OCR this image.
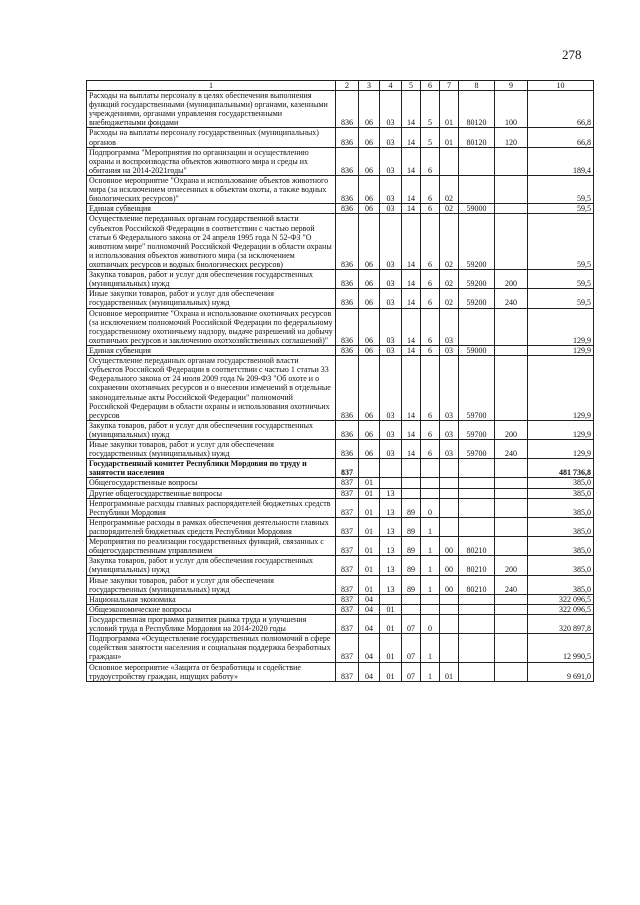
278
1	2	3	4	5	6	7	8	9	10
Расходы на выплаты персоналу в целях обеспечения выполнения функций государственными (муниципальными) органами, казенными учреждениями, органами управления государственными внебюджетными фондами	836	06	03	14	5	01	80120	100	66,8
Расходы на выплаты персоналу государственных (муниципальных) органов	836	06	03	14	5	01	80120	120	66,8
Подпрограмма "Мероприятия по организации и осуществлению охраны и воспроизводства объектов животного мира и среды их обитания на 2014-2021годы"	836	06	03	14	6				189,4
Основное мероприятие "Охрана и использование объектов животного мира (за исключением отнесенных к объектам охоты, а также водных биологических ресурсов)"	836	06	03	14	6	02			59,5
Единая субвенция	836	06	03	14	6	02	59000		59,5
Осуществление переданных органам государственной власти субъектов Российской Федерации в соответствии с частью первой статьи 6 Федерального закона от 24 апреля 1995 года N 52-ФЗ "О животном мире" полномочий Российской Федерации в области охраны и использования объектов животного мира (за исключением охотничьих ресурсов и водных биологических ресурсов)	836	06	03	14	6	02	59200		59,5
Закупка товаров, работ и услуг для обеспечения государственных (муниципальных) нужд	836	06	03	14	6	02	59200	200	59,5
Иные закупки товаров, работ и услуг для обеспечения государственных (муниципальных) нужд	836	06	03	14	6	02	59200	240	59,5
Основное мероприятие "Охрана и использование охотничьих ресурсов (за исключением полномочий Российской Федерации по федеральному государственному охотничьему надзору, выдаче разрешений на добычу охотничьих ресурсов и заключению охотхозяйственных соглашений)"	836	06	03	14	6	03			129,9
Единая субвенция	836	06	03	14	6	03	59000		129,9
Осуществление переданных органам государственной власти субъектов Российской Федерации в соответствии с частью 1 статьи 33 Федерального закона от 24 июля 2009 года № 209-ФЗ "Об охоте и о сохранении охотничьих ресурсов и о внесении изменений в отдельные законодательные акты Российской Федерации" полномочий Российской Федерации в области охраны и использования охотничьих ресурсов	836	06	03	14	6	03	59700		129,9
Закупка товаров, работ и услуг для обеспечения государственных (муниципальных) нужд	836	06	03	14	6	03	59700	200	129,9
Иные закупки товаров, работ и услуг для обеспечения государственных (муниципальных) нужд	836	06	03	14	6	03	59700	240	129,9
Государственный комитет Республики Мордовия по труду и занятости населения	837								481 736,8
Общегосударственные вопросы	837	01							385,0
Другие общегосударственные вопросы	837	01	13						385,0
Непрограммные расходы главных распорядителей бюджетных средств Республики Мордовия	837	01	13	89	0				385,0
Непрограммные расходы в рамках обеспечения деятельности главных распорядителей бюджетных средств Республики Мордовия	837	01	13	89	1				385,0
Мероприятия по реализации государственных функций, связанных с общегосударственным управлением	837	01	13	89	1	00	80210		385,0
Закупка товаров, работ и услуг для обеспечения государственных (муниципальных) нужд	837	01	13	89	1	00	80210	200	385,0
Иные закупки товаров, работ и услуг для обеспечения государственных (муниципальных) нужд	837	01	13	89	1	00	80210	240	385,0
Национальная экономика	837	04							322 096,5
Общеэкономические вопросы	837	04	01						322 096,5
Государственная программа развития рынка труда и улучшения условий труда в Республике Мордовия на 2014-2020 годы	837	04	01	07	0				320 897,8
Подпрограмма «Осуществление государственных полномочий в сфере содействия занятости населения и социальная поддержка безработных граждан»	837	04	01	07	1				12 990,5
Основное мероприятие «Защита от безработицы и содействие трудоустройству граждан, ищущих работу»	837	04	01	07	1	01			9 691,0
